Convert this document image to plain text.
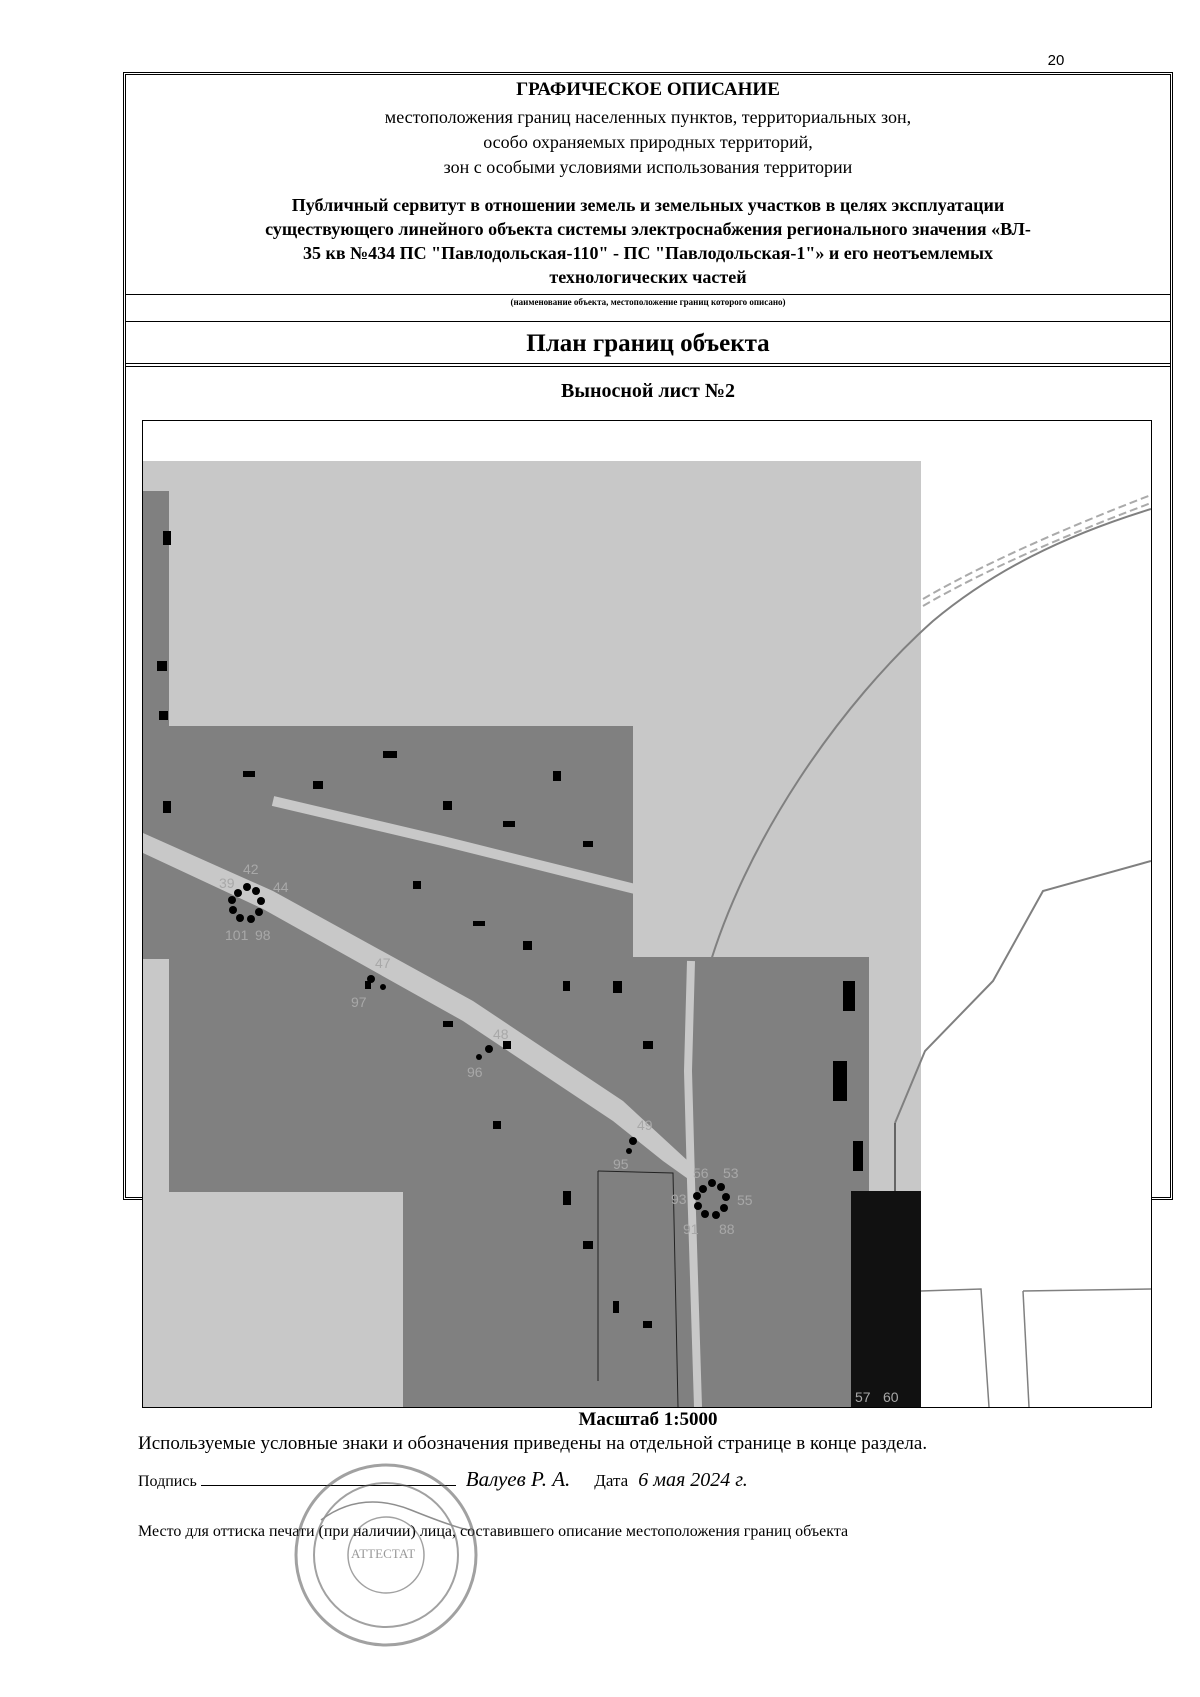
20
ГРАФИЧЕСКОЕ ОПИСАНИЕ
местоположения границ населенных пунктов, территориальных зон,
особо охраняемых природных территорий,
зон с особыми условиями использования территории
Публичный сервитут в отношении земель и земельных участков в целях эксплуатации
существующего линейного объекта системы электроснабжения регионального значения «ВЛ-
35 кв №434 ПС "Павлодольская-110" - ПС "Павлодольская-1"» и его неотъемлемых
технологических частей
(наименование объекта, местоположение границ которого описано)
План границ объекта
Выносной лист №2
39
42
44
101 98
47
97
48
96
49
95
56 53
93	55
91 88
57 60
Масштаб 1:5000
Используемые условные знаки и обозначения приведены на отдельной странице в конце раздела.
Подпись	Валуев Р. А. Дата 6 мая 2024 г.
Место для оттиска печати (при наличии) лица, составившего описание местоположения границ объекта
АТТЕСТАТ
